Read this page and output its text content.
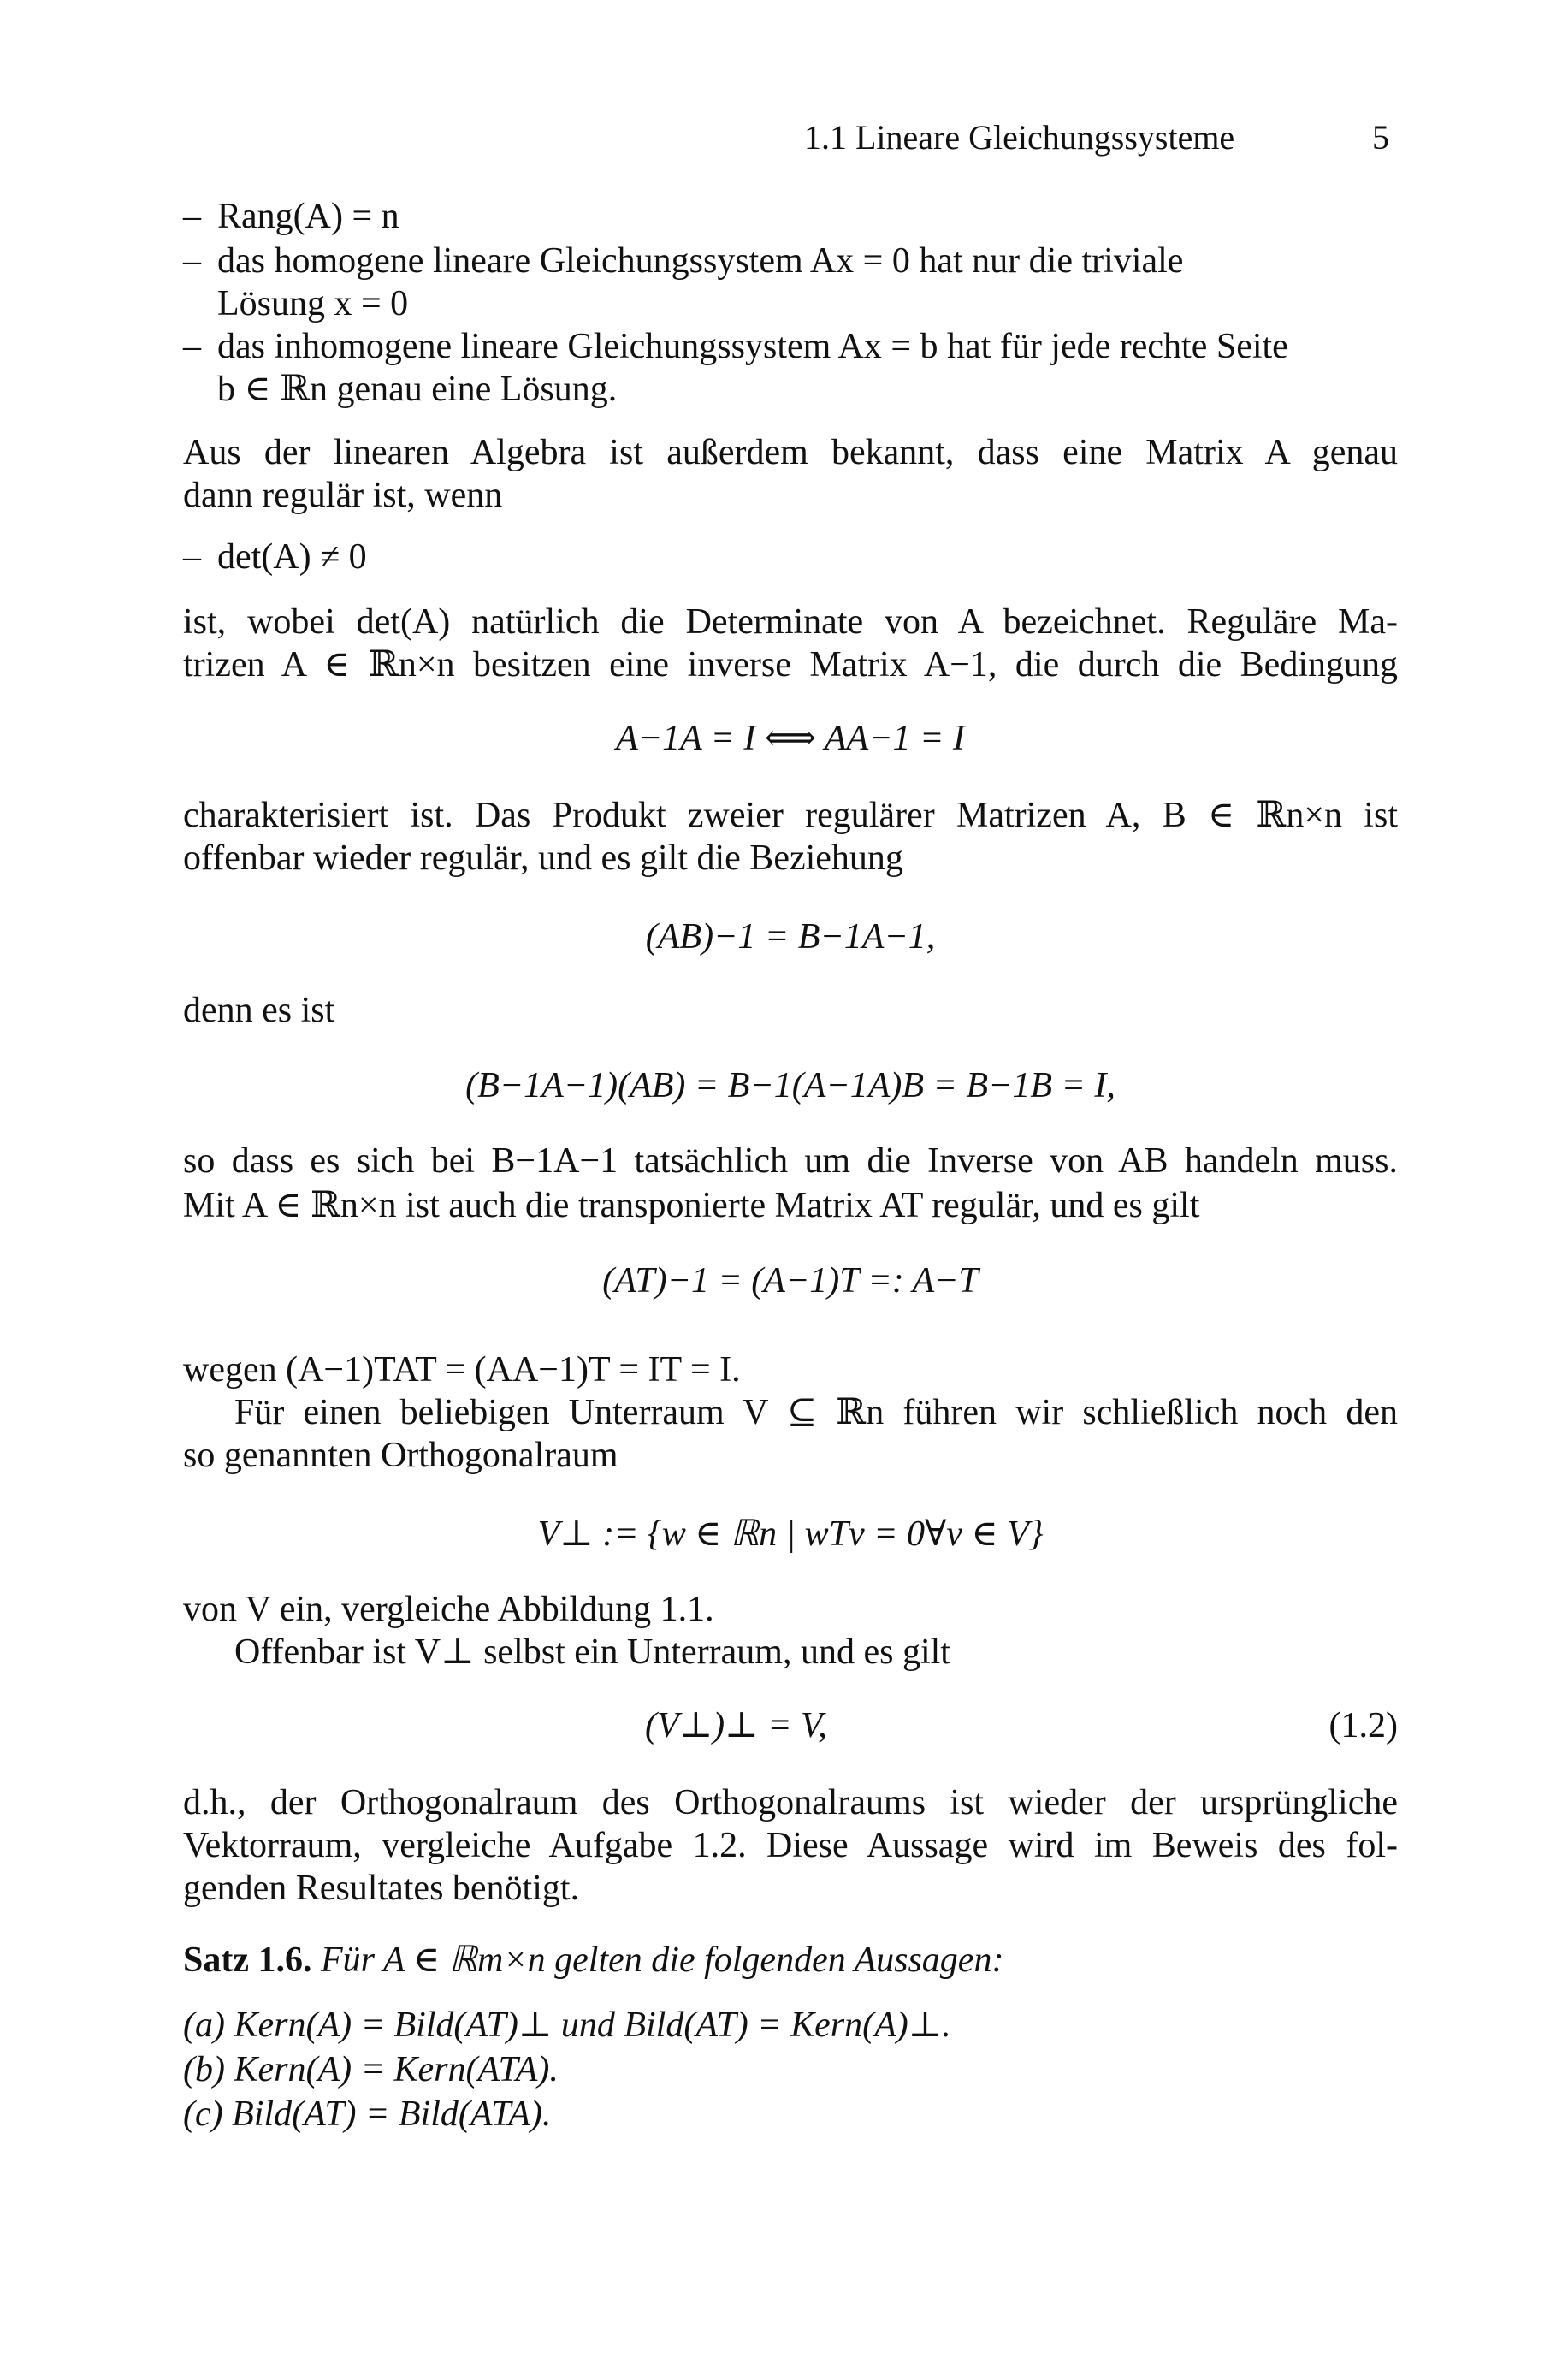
1.1 Lineare Gleichungssysteme	5
– Rang(A) = n
– das homogene lineare Gleichungssystem Ax = 0 hat nur die triviale
Lösung x = 0
– das inhomogene lineare Gleichungssystem Ax = b hat für jede rechte Seite
b ∈ ℝn genau eine Lösung.
Aus der linearen Algebra ist außerdem bekannt, dass eine Matrix A genau
dann regulär ist, wenn
– det(A) ≠ 0
ist, wobei det(A) natürlich die Determinate von A bezeichnet. Reguläre Ma-
trizen A ∈ ℝn×n besitzen eine inverse Matrix A−1, die durch die Bedingung
A−1A = I ⟺ AA−1 = I
charakterisiert ist. Das Produkt zweier regulärer Matrizen A, B ∈ ℝn×n ist
offenbar wieder regulär, und es gilt die Beziehung
(AB)−1 = B−1A−1,
denn es ist
(B−1A−1)(AB) = B−1(A−1A)B = B−1B = I,
so dass es sich bei B−1A−1 tatsächlich um die Inverse von AB handeln muss.
Mit A ∈ ℝn×n ist auch die transponierte Matrix AT regulär, und es gilt
(AT)−1 = (A−1)T =: A−T
wegen (A−1)TAT = (AA−1)T = IT = I.
Für einen beliebigen Unterraum V ⊆ ℝn führen wir schließlich noch den
so genannten Orthogonalraum
V⊥ := {w ∈ ℝn | wTv = 0∀v ∈ V}
von V ein, vergleiche Abbildung 1.1.
Offenbar ist V⊥ selbst ein Unterraum, und es gilt
(V⊥)⊥ = V,	(1.2)
d.h., der Orthogonalraum des Orthogonalraums ist wieder der ursprüngliche
Vektorraum, vergleiche Aufgabe 1.2. Diese Aussage wird im Beweis des fol-
genden Resultates benötigt.
Satz 1.6. Für A ∈ ℝm×n gelten die folgenden Aussagen:
(a) Kern(A) = Bild(AT)⊥ und Bild(AT) = Kern(A)⊥.
(b) Kern(A) = Kern(ATA).
(c) Bild(AT) = Bild(ATA).
